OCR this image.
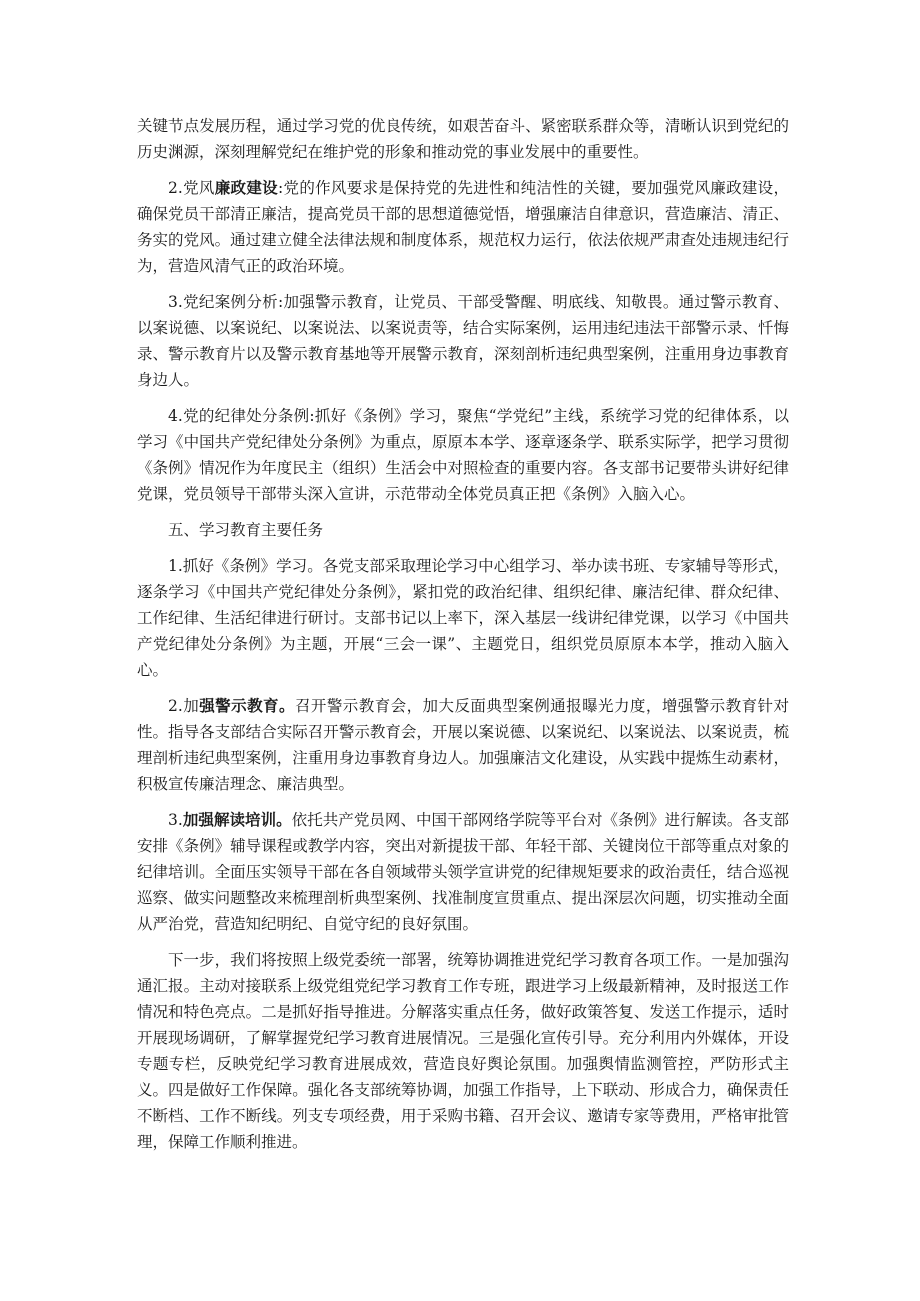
关键节点发展历程，通过学习党的优良传统，如艰苦奋斗、紧密联系群众等，清晰认识到党纪的历史渊源，深刻理解党纪在维护党的形象和推动党的事业发展中的重要性。

2.党风廉政建设:党的作风要求是保持党的先进性和纯洁性的关键，要加强党风廉政建设，确保党员干部清正廉洁，提高党员干部的思想道德觉悟，增强廉洁自律意识，营造廉洁、清正、务实的党风。通过建立健全法律法规和制度体系，规范权力运行，依法依规严肃查处违规违纪行为，营造风清气正的政治环境。

3.党纪案例分析:加强警示教育，让党员、干部受警醒、明底线、知敬畏。通过警示教育、以案说德、以案说纪、以案说法、以案说责等，结合实际案例，运用违纪违法干部警示录、忏悔录、警示教育片以及警示教育基地等开展警示教育，深刻剖析违纪典型案例，注重用身边事教育身边人。

4.党的纪律处分条例:抓好《条例》学习，聚焦“学党纪”主线，系统学习党的纪律体系，以学习《中国共产党纪律处分条例》为重点，原原本本学、逐章逐条学、联系实际学，把学习贯彻《条例》情况作为年度民主（组织）生活会中对照检查的重要内容。各支部书记要带头讲好纪律党课，党员领导干部带头深入宣讲，示范带动全体党员真正把《条例》入脑入心。

五、学习教育主要任务

1.抓好《条例》学习。各党支部采取理论学习中心组学习、举办读书班、专家辅导等形式，逐条学习《中国共产党纪律处分条例》，紧扣党的政治纪律、组织纪律、廉洁纪律、群众纪律、工作纪律、生活纪律进行研讨。支部书记以上率下，深入基层一线讲纪律党课，以学习《中国共产党纪律处分条例》为主题，开展“三会一课”、主题党日，组织党员原原本本学，推动入脑入心。

2.加强警示教育。召开警示教育会，加大反面典型案例通报曝光力度，增强警示教育针对性。指导各支部结合实际召开警示教育会，开展以案说德、以案说纪、以案说法、以案说责，梳理剖析违纪典型案例，注重用身边事教育身边人。加强廉洁文化建设，从实践中提炼生动素材，积极宣传廉洁理念、廉洁典型。

3.加强解读培训。依托共产党员网、中国干部网络学院等平台对《条例》进行解读。各支部安排《条例》辅导课程或教学内容，突出对新提拔干部、年轻干部、关键岗位干部等重点对象的纪律培训。全面压实领导干部在各自领域带头领学宣讲党的纪律规矩要求的政治责任，结合巡视巡察、做实问题整改来梳理剖析典型案例、找准制度宣贯重点、提出深层次问题，切实推动全面从严治党，营造知纪明纪、自觉守纪的良好氛围。

下一步，我们将按照上级党委统一部署，统筹协调推进党纪学习教育各项工作。一是加强沟通汇报。主动对接联系上级党组党纪学习教育工作专班，跟进学习上级最新精神，及时报送工作情况和特色亮点。二是抓好指导推进。分解落实重点任务，做好政策答复、发送工作提示，适时开展现场调研，了解掌握党纪学习教育进展情况。三是强化宣传引导。充分利用内外媒体，开设专题专栏，反映党纪学习教育进展成效，营造良好舆论氛围。加强舆情监测管控，严防形式主义。四是做好工作保障。强化各支部统筹协调，加强工作指导，上下联动、形成合力，确保责任不断档、工作不断线。列支专项经费，用于采购书籍、召开会议、邀请专家等费用，严格审批管理，保障工作顺利推进。
